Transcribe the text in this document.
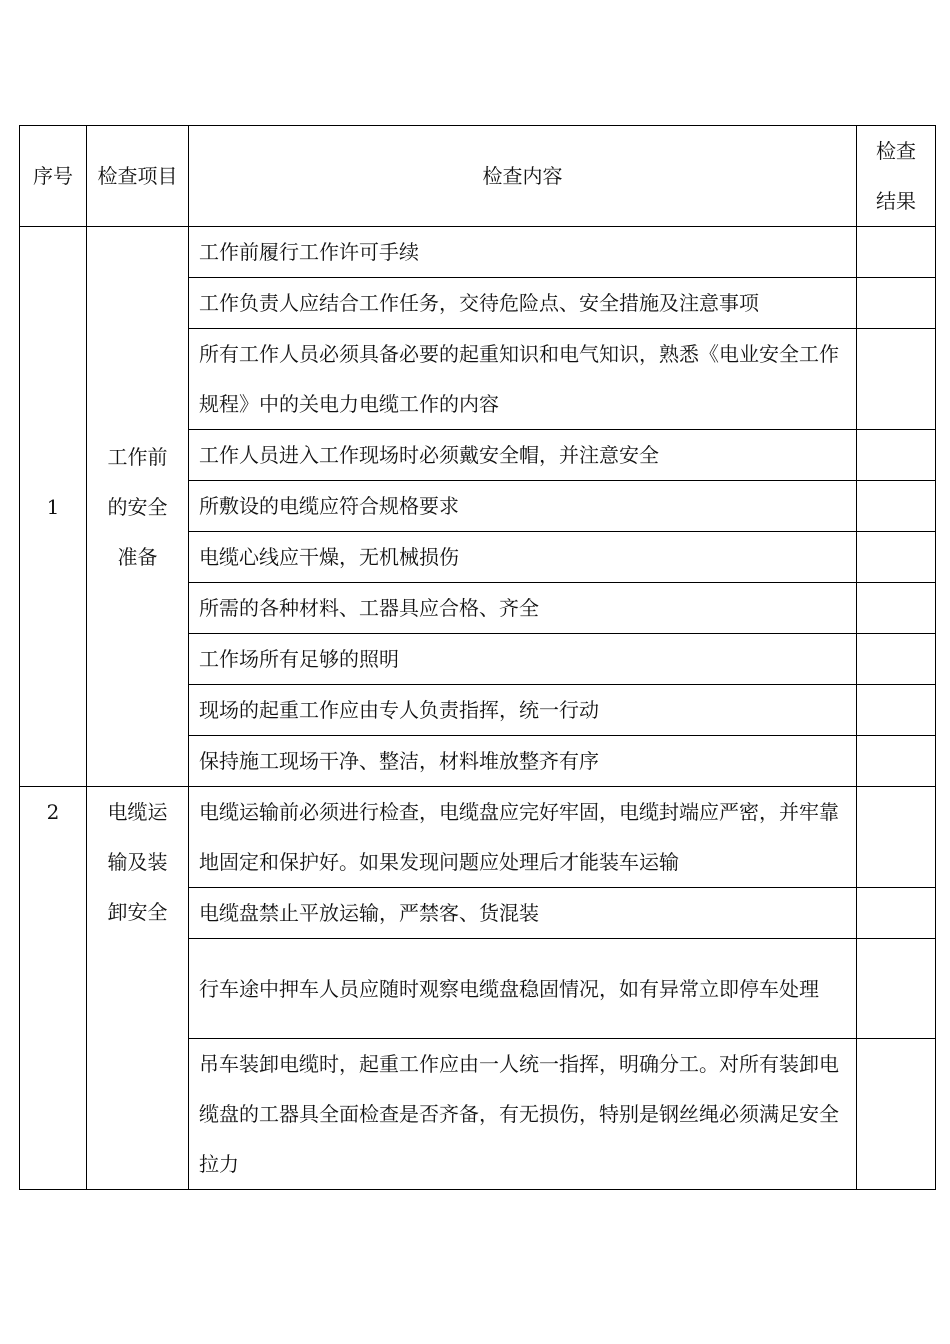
序号	检查项目	检查内容	检查结果
1	工作前的安全准备	工作前履行工作许可手续	
		工作负责人应结合工作任务，交待危险点、安全措施及注意事项	
		所有工作人员必须具备必要的起重知识和电气知识，熟悉《电业安全工作规程》中的关电力电缆工作的内容	
		工作人员进入工作现场时必须戴安全帽，并注意安全	
		所敷设的电缆应符合规格要求	
		电缆心线应干燥，无机械损伤	
		所需的各种材料、工器具应合格、齐全	
		工作场所有足够的照明	
		现场的起重工作应由专人负责指挥，统一行动	
		保持施工现场干净、整洁，材料堆放整齐有序	
2	电缆运输及装卸安全	电缆运输前必须进行检查，电缆盘应完好牢固，电缆封端应严密，并牢靠地固定和保护好。如果发现问题应处理后才能装车运输	
		电缆盘禁止平放运输，严禁客、货混装	
		行车途中押车人员应随时观察电缆盘稳固情况，如有异常立即停车处理	
		吊车装卸电缆时，起重工作应由一人统一指挥，明确分工。对所有装卸电缆盘的工器具全面检查是否齐备，有无损伤，特别是钢丝绳必须满足安全拉力	
